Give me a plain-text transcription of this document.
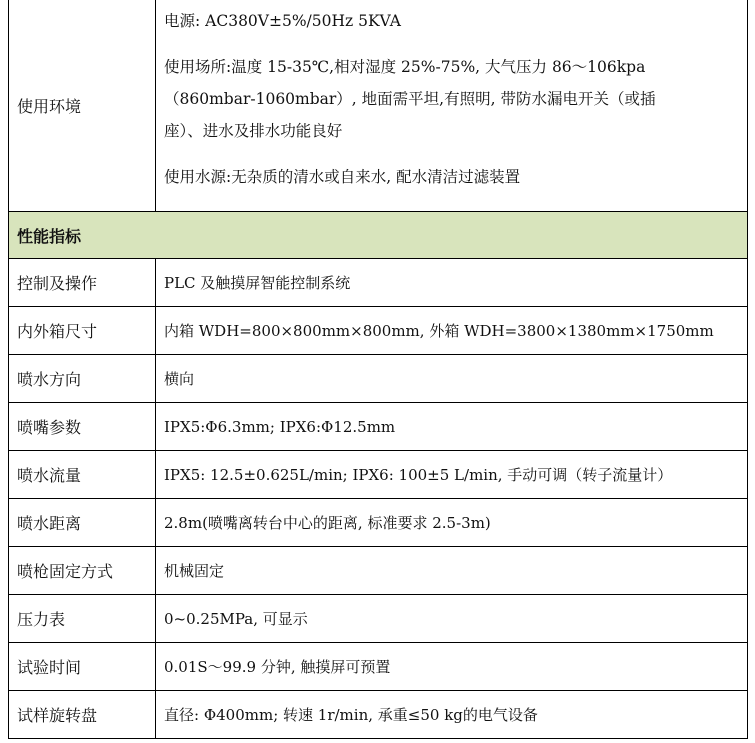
使用环境	电源: AC380V±5%/50Hz 5KVA

使用场所:温度 15-35℃,相对湿度 25%-75%, 大气压力 86～106kpa

（860mbar-1060mbar）, 地面需平坦,有照明, 带防水漏电开关（或插

座）、进水及排水功能良好

使用水源:无杂质的清水或自来水, 配水清洁过滤装置

性能指标	
控制及操作	PLC 及触摸屏智能控制系统
内外箱尺寸	内箱 WDH=800×800mm×800mm, 外箱 WDH=3800×1380mm×1750mm
喷水方向	横向
喷嘴参数	IPX5:Φ6.3mm; IPX6:Φ12.5mm
喷水流量	IPX5: 12.5±0.625L/min; IPX6: 100±5 L/min, 手动可调（转子流量计）
喷水距离	2.8m(喷嘴离转台中心的距离, 标准要求 2.5-3m)
喷枪固定方式	机械固定
压力表	0~0.25MPa, 可显示
试验时间	0.01S～99.9 分钟, 触摸屏可预置
试样旋转盘	直径: Φ400mm; 转速 1r/min, 承重≤50 kg的电气设备
